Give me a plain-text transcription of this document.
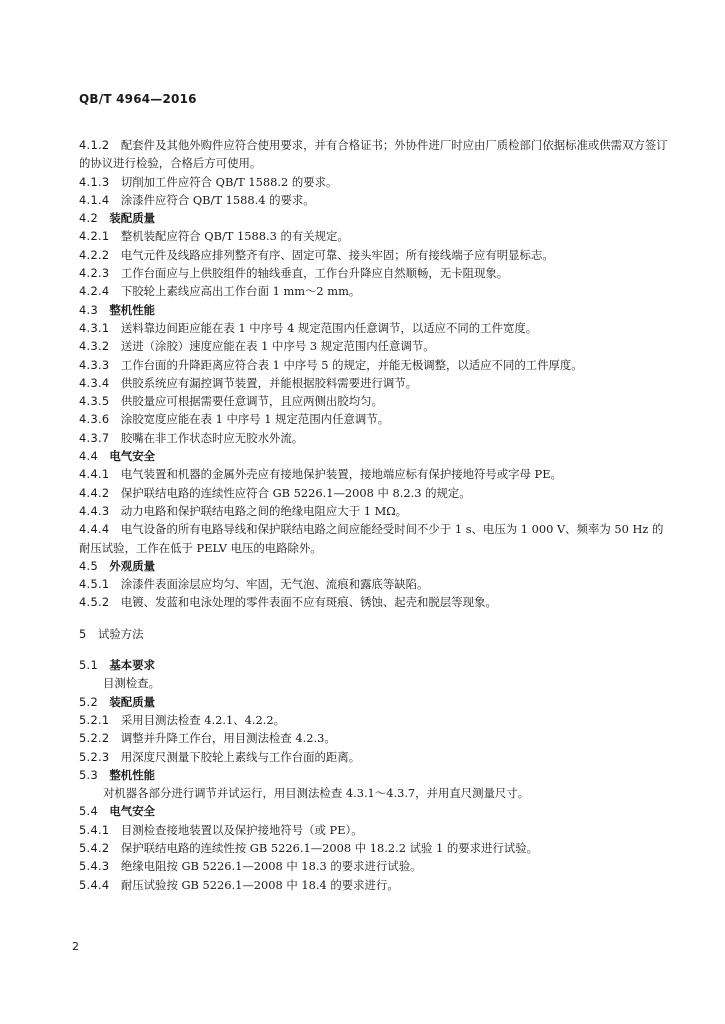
QB/T 4964—2016
4.1.2  配套件及其他外购件应符合使用要求，并有合格证书；外协件进厂时应由厂质检部门依据标准或供需双方签订的协议进行检验，合格后方可使用。
4.1.3  切削加工件应符合 QB/T 1588.2 的要求。
4.1.4  涂漆件应符合 QB/T 1588.4 的要求。
4.2  装配质量
4.2.1  整机装配应符合 QB/T 1588.3 的有关规定。
4.2.2  电气元件及线路应排列整齐有序、固定可靠、接头牢固；所有接线端子应有明显标志。
4.2.3  工作台面应与上供胶组件的轴线垂直，工作台升降应自然顺畅，无卡阻现象。
4.2.4  下胶轮上素线应高出工作台面 1 mm～2 mm。
4.3  整机性能
4.3.1  送料靠边间距应能在表 1 中序号 4 规定范围内任意调节，以适应不同的工件宽度。
4.3.2  送进（涂胶）速度应能在表 1 中序号 3 规定范围内任意调节。
4.3.3  工作台面的升降距离应符合表 1 中序号 5 的规定，并能无极调整，以适应不同的工件厚度。
4.3.4  供胶系统应有漏控调节装置，并能根据胶料需要进行调节。
4.3.5  供胶量应可根据需要任意调节，且应两侧出胶均匀。
4.3.6  涂胶宽度应能在表 1 中序号 1 规定范围内任意调节。
4.3.7  胶嘴在非工作状态时应无胶水外流。
4.4  电气安全
4.4.1  电气装置和机器的金属外壳应有接地保护装置，接地端应标有保护接地符号或字母 PE。
4.4.2  保护联结电路的连续性应符合 GB 5226.1—2008 中 8.2.3 的规定。
4.4.3  动力电路和保护联结电路之间的绝缘电阻应大于 1 MΩ。
4.4.4  电气设备的所有电路导线和保护联结电路之间应能经受时间不少于 1 s、电压为 1 000 V、频率为 50 Hz 的耐压试验，工作在低于 PELV 电压的电路除外。
4.5  外观质量
4.5.1  涂漆件表面涂层应均匀、牢固，无气泡、流痕和露底等缺陷。
4.5.2  电镀、发蓝和电泳处理的零件表面不应有斑痕、锈蚀、起壳和脱层等现象。
5  试验方法
5.1  基本要求
目测检查。
5.2  装配质量
5.2.1  采用目测法检查 4.2.1、4.2.2。
5.2.2  调整并升降工作台，用目测法检查 4.2.3。
5.2.3  用深度尺测量下胶轮上素线与工作台面的距离。
5.3  整机性能
对机器各部分进行调节并试运行，用目测法检查 4.3.1～4.3.7，并用直尺测量尺寸。
5.4  电气安全
5.4.1  目测检查接地装置以及保护接地符号（或 PE）。
5.4.2  保护联结电路的连续性按 GB 5226.1—2008 中 18.2.2 试验 1 的要求进行试验。
5.4.3  绝缘电阻按 GB 5226.1—2008 中 18.3 的要求进行试验。
5.4.4  耐压试验按 GB 5226.1—2008 中 18.4 的要求进行。
2
